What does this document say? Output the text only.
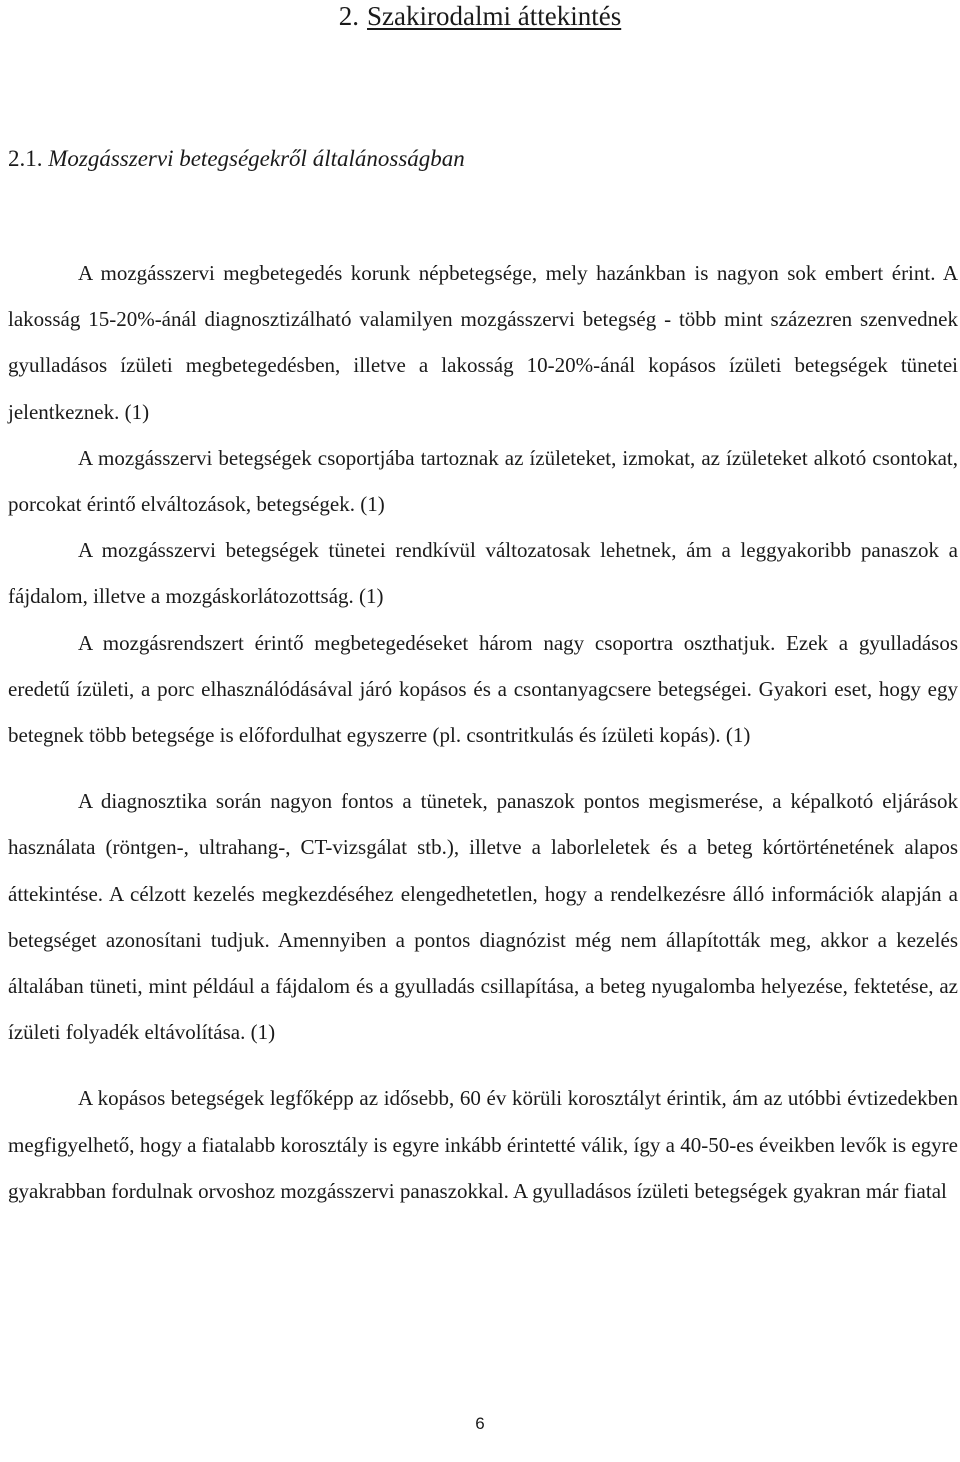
2. Szakirodalmi áttekintés
2.1. Mozgásszervi betegségekről általánosságban

A mozgásszervi megbetegedés korunk népbetegsége, mely hazánkban is nagyon sok embert érint. A lakosság 15-20%-ánál diagnosztizálható valamilyen mozgásszervi betegség - több mint százezren szenvednek gyulladásos ízületi megbetegedésben, illetve a lakosság 10-20%-ánál kopásos ízületi betegségek tünetei jelentkeznek. (1)

A mozgásszervi betegségek csoportjába tartoznak az ízületeket, izmokat, az ízületeket alkotó csontokat, porcokat érintő elváltozások, betegségek. (1)

A mozgásszervi betegségek tünetei rendkívül változatosak lehetnek, ám a leggyakoribb panaszok a fájdalom, illetve a mozgáskorlátozottság. (1)

A mozgásrendszert érintő megbetegedéseket három nagy csoportra oszthatjuk. Ezek a gyulladásos eredetű ízületi, a porc elhasználódásával járó kopásos és a csontanyagcsere betegségei. Gyakori eset, hogy egy betegnek több betegsége is előfordulhat egyszerre (pl. csontritkulás és ízületi kopás). (1)

A diagnosztika során nagyon fontos a tünetek, panaszok pontos megismerése, a képalkotó eljárások használata (röntgen-, ultrahang-, CT-vizsgálat stb.), illetve a laborleletek és a beteg kórtörténetének alapos áttekintése. A célzott kezelés megkezdéséhez elengedhetetlen, hogy a rendelkezésre álló információk alapján a betegséget azonosítani tudjuk. Amennyiben a pontos diagnózist még nem állapították meg, akkor a kezelés általában tüneti, mint például a fájdalom és a gyulladás csillapítása, a beteg nyugalomba helyezése, fektetése, az ízületi folyadék eltávolítása. (1)

A kopásos betegségek legfőképp az idősebb, 60 év körüli korosztályt érintik, ám az utóbbi évtizedekben megfigyelhető, hogy a fiatalabb korosztály is egyre inkább érintetté válik, így a 40-50-es éveikben levők is egyre gyakrabban fordulnak orvoshoz mozgásszervi panaszokkal. A gyulladásos ízületi betegségek gyakran már fiatal

6
